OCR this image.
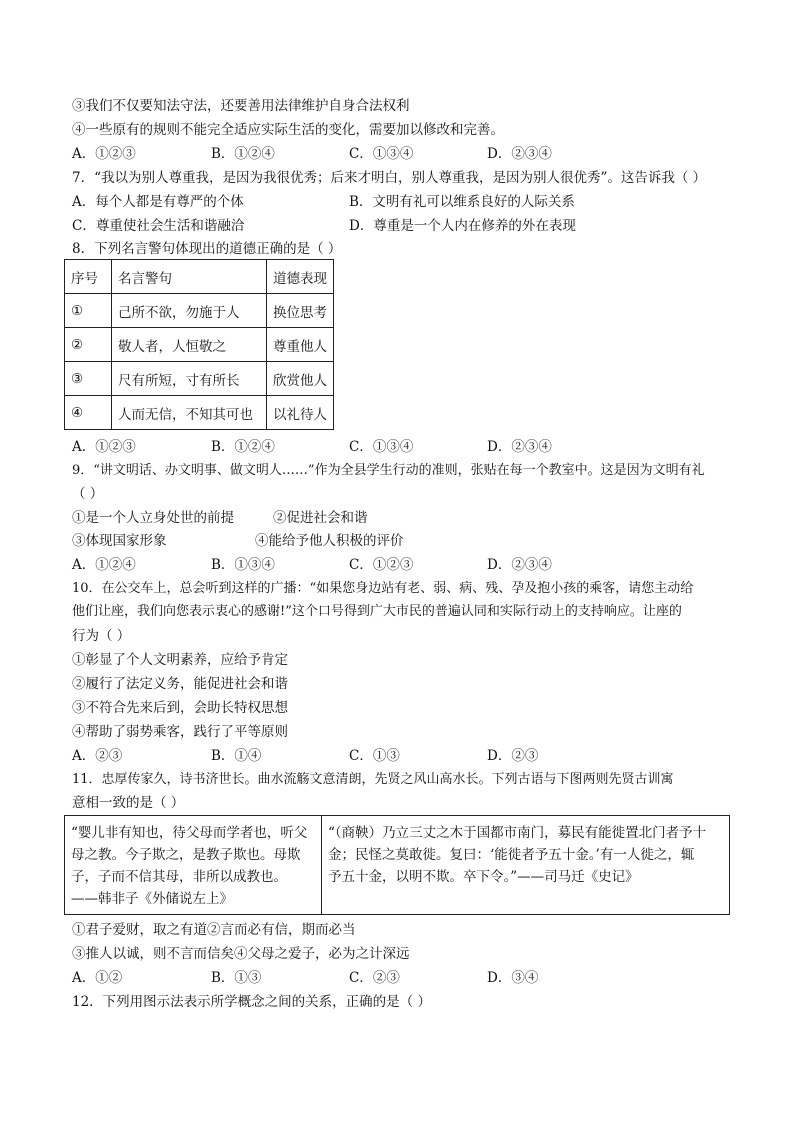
③我们不仅要知法守法，还要善用法律维护自身合法权利
④一些原有的规则不能完全适应实际生活的变化，需要加以修改和完善。
A．①②③	B．①②④	C．①③④	D．②③④
7．“我以为别人尊重我，是因为我很优秀；后来才明白，别人尊重我，是因为别人很优秀”。这告诉我（ ）
A．每个人都是有尊严的个体	B．文明有礼可以维系良好的人际关系
C．尊重使社会生活和谐融洽	D．尊重是一个人内在修养的外在表现
8．下列名言警句体现出的道德正确的是（ ）
序号	名言警句	道德表现
①	己所不欲，勿施于人	换位思考
②	敬人者，人恒敬之	尊重他人
③	尺有所短，寸有所长	欣赏他人
④	人而无信，不知其可也	以礼待人
A．①②③	B．①②④	C．①③④	D．②③④
9．“讲文明话、办文明事、做文明人……”作为全县学生行动的准则，张贴在每一个教室中。这是因为文明有礼
（ ）
①是一个人立身处世的前提	②促进社会和谐
③体现国家形象	④能给予他人积极的评价
A．①②④	B．①③④	C．①②③	D．②③④
10．在公交车上，总会听到这样的广播：“如果您身边站有老、弱、病、残、孕及抱小孩的乘客，请您主动给
他们让座，我们向您表示衷心的感谢!”这个口号得到广大市民的普遍认同和实际行动上的支持响应。让座的
行为（ ）
①彰显了个人文明素养，应给予肯定
②履行了法定义务，能促进社会和谐
③不符合先来后到，会助长特权思想
④帮助了弱势乘客，践行了平等原则
A．②③	B．①④	C．①③	D．②③
11．忠厚传家久，诗书济世长。曲水流觞文意清朗，先贤之风山高水长。下列古语与下图两则先贤古训寓
意相一致的是（ ）
“婴儿非有知也，待父母而学者也，听父
母之教。今子欺之，是教子欺也。母欺
子，子而不信其母，非所以成教也。
——韩非子《外储说左上》

“（商鞅）乃立三丈之木于国都市南门，募民有能徙置北门者予十
金；民怪之莫敢徙。复曰：‘能徙者予五十金。’有一人徙之，辄
予五十金，以明不欺。卒下令。”——司马迁《史记》
①君子爱财，取之有道②言而必有信，期而必当
③推人以诚，则不言而信矣④父母之爱子，必为之计深远
A．①②	B．①③	C．②③	D．③④
12．下列用图示法表示所学概念之间的关系，正确的是（ ）
